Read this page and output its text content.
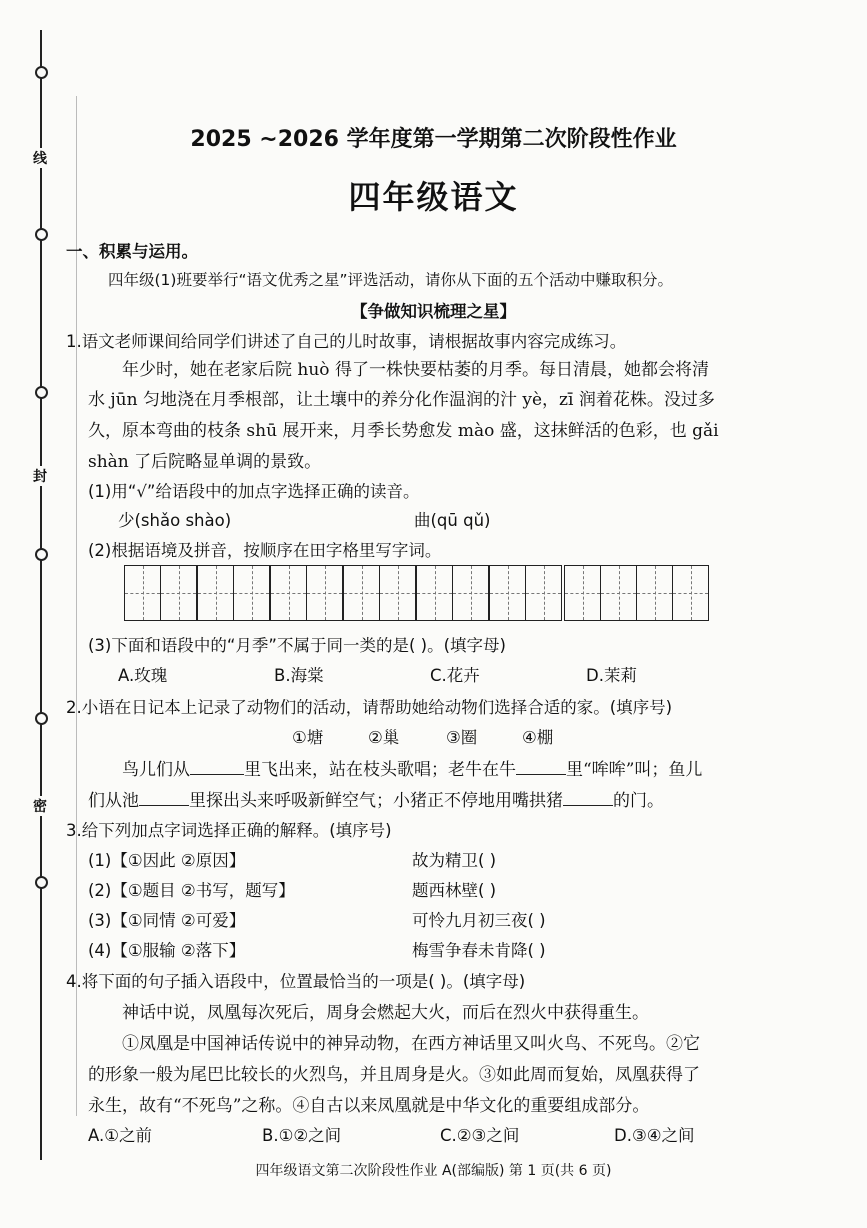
线
封
密
2025 ~2026 学年度第一学期第二次阶段性作业
四年级语文
一、积累与运用。
四年级(1)班要举行“语文优秀之星”评选活动，请你从下面的五个活动中赚取积分。
【争做知识梳理之星】
1.语文老师课间给同学们讲述了自己的儿时故事，请根据故事内容完成练习。
年少时，她在老家后院 huò 得了一株快要枯萎的月季。每日清晨，她都会将清
水 jūn 匀地浇在月季根部，让土壤中的养分化作温润的汁 yè，zī 润着花株。没过多
久，原本弯曲的枝条 shū 展开来，月季长势愈发 mào 盛，这抹鲜活的色彩，也 gǎi
shàn 了后院略显单调的景致。
(1)用“√”给语段中的加点字选择正确的读音。
少(shǎo shào)	曲(qū qǔ)
(2)根据语境及拼音，按顺序在田字格里写字词。
(3)下面和语段中的“月季”不属于同一类的是( )。(填字母)
A.玫瑰	B.海棠	C.花卉	D.茉莉
2.小语在日记本上记录了动物们的活动，请帮助她给动物们选择合适的家。(填序号)
①塘	②巢	③圈	④棚
鸟儿们从	里飞出来，站在枝头歌唱；老牛在牛	里“哞哞”叫；鱼儿
们从池	里探出头来呼吸新鲜空气；小猪正不停地用嘴拱猪	的门。
3.给下列加点字词选择正确的解释。(填序号)
(1)【①因此 ②原因】	故为精卫( )
(2)【①题目 ②书写，题写】	题西林壁( )
(3)【①同情 ②可爱】	可怜九月初三夜( )
(4)【①服输 ②落下】	梅雪争春未肯降( )
4.将下面的句子插入语段中，位置最恰当的一项是( )。(填字母)
神话中说，凤凰每次死后，周身会燃起大火，而后在烈火中获得重生。
①凤凰是中国神话传说中的神异动物，在西方神话里又叫火鸟、不死鸟。②它
的形象一般为尾巴比较长的火烈鸟，并且周身是火。③如此周而复始，凤凰获得了
永生，故有“不死鸟”之称。④自古以来凤凰就是中华文化的重要组成部分。
A.①之前	B.①②之间	C.②③之间	D.③④之间
四年级语文第二次阶段性作业 A(部编版) 第 1 页(共 6 页)
